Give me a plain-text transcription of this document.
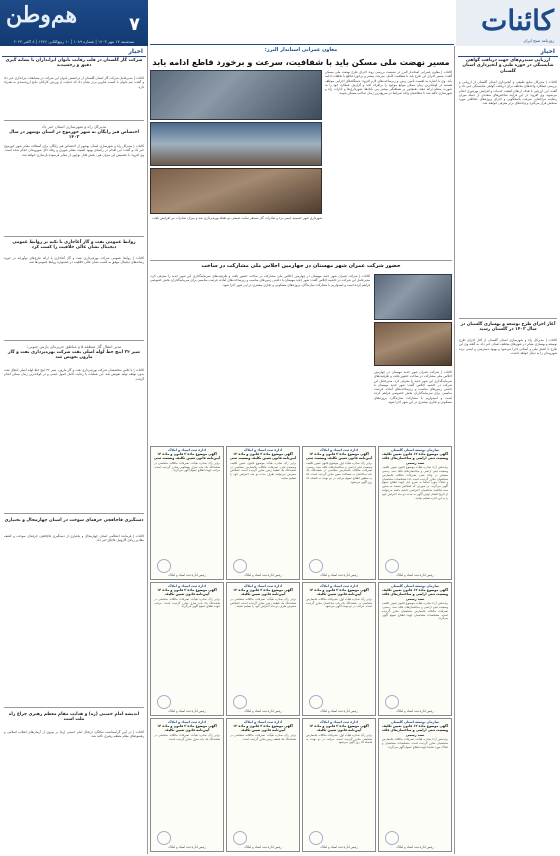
هم‌وطن	۷
سه‌شنبه ۱۷ مهر ۱۴۰۳ | شماره ۱۰۸۹ | ۱۰ ربیع‌الثانی ۱۴۴۶ | ۸ اکتبر ۲۰۲۴
کائنات
روزنامه صبح ایران
اخبار
ارزیابی سندرم‌های جهت دریافت گواهی شایستگی در حوزه طبی و آبخیزداری استان گلستان
کائنات | مدیرکل منابع طبیعی و آبخیزداری استان گلستان از ارزیابی و بررسی عملکرد واحدهای مختلف برای دریافت گواهی شایستگی خبر داد و گفت: این ارزیابی با هدف ارتقای کیفیت خدمات و افزایش بهره‌وری انجام می‌شود. وی افزود: در این فرآیند شاخص‌های متعددی از جمله میزان رضایت مراجعان، سرعت پاسخگویی و اجرای پروژه‌های حفاظتی مورد سنجش قرار می‌گیرد و واحدهای برتر معرفی خواهند شد.
آغاز اجرای طرح توسعه و بهسازی گلستان در سال ۱۴۰۳ در گلستان رسید
کائنات | مدیرکل راه و شهرسازی استان گلستان از آغاز اجرای طرح توسعه و بهسازی معابر در شهرهای مختلف استان خبر داد. به گفته وی این طرح با اعتبار ملی و استانی اجرا می‌شود و بهبود دسترسی و ایمنی تردد شهروندان را به دنبال خواهد داشت.
اخبار
شرکت گاز گلستان در قلب رقابت بانوان ایرانداران با نشانه گیری دقیق و رخشیدند
کائنات | مدیرعامل شرکت گاز استان گلستان از درخشش بانوان این شرکت در مسابقات تیراندازی خبر داد و گفت: تیم بانوان با کسب عناوین برتر نشان داد که حمایت از ورزش کارکنان نتایج ارزشمندی به همراه دارد.
مدیرکل راه و شهرسازی استان خبر داد
اختصاص قیر رایگان به شهر خورموج در استان بوشهر در سال ۱۴۰۳
کائنات | مدیرکل راه و شهرسازی استان بوشهر از اختصاص قیر رایگان برای آسفالت معابر شهر خورموج خبر داد و گفت: این اقدام در راستای بهبود کیفیت معابر شهری و رفاه حال شهروندان انجام شده است. وی افزود: با تخصیص این میزان قیر، بخش قابل توجهی از معابر فرسوده بازسازی خواهد شد.
روابط عمومی نقت و گاز آغاجاری با تکیه بر روابط عمومی دیجیتال نشان عالی خلاقیت را کسب کرد
کائنات | روابط عمومی شرکت بهره‌برداری نفت و گاز آغاجاری با ارائه طرح‌های نوآورانه در حوزه رسانه‌های دیجیتال موفق به کسب نشان عالی خلاقیت در جشنواره روابط عمومی‌ها شد.
مدیر انتقال گاز منطقه ۵ و مناطق جزیره‌ای پارس جنوبی:
شیر ۳۲ اینچ خط لوله اصلی نفت شرکت بهره‌برداری نفت و گاز مارون تعویض شد
کائنات | با تلاش متخصصان شرکت بهره‌برداری نفت و گاز مارون، شیر ۳۲ اینچ خط لوله اصلی انتقال نفت بدون توقف تولید تعویض شد. این عملیات با رعایت کامل اصول ایمنی و در کوتاه‌ترین زمان ممکن انجام گرفت.
دستگیری قاچاقچی حرفه‌ای سوخت در استان چهارمحال و بختیاری
کائنات | فرمانده انتظامی استان چهارمحال و بختیاری از دستگیری قاچاقچی حرفه‌ای سوخت و کشف مقادیر زیادی گازوئیل قاچاق خبر داد.
اندیشه امام خمینی (ره) و هدایت مقام معظم رهبری چراغ راه ملت است
کائنات | در آیین گرامیداشت سالگرد ارتحال امام خمینی (ره) بر پیروی از آرمان‌های انقلاب اسلامی و رهنمودهای مقام معظم رهبری تاکید شد.
معاون عمرانی استاندار البرز:
مسیر نهضت ملی مسکن باید با شفافیت، سرعت و برخورد قاطع ادامه یابد
کائنات | معاون عمرانی استاندار البرز در نشست بررسی روند اجرای طرح نهضت ملی مسکن گفت: مسیر اجرای این طرح باید با شفافیت کامل، سرعت بیشتر و برخورد قاطع با تخلفات ادامه یابد. وی با اشاره به اهمیت تأمین زمین و زیرساخت‌های لازم افزود: دستگاه‌های اجرایی موظف هستند در کوتاه‌ترین زمان ممکن موانع موجود را برطرف کنند و گزارش عملکرد خود را به صورت منظم ارائه دهند. همچنین بر هماهنگی بیشتر بین بانک‌ها، شهرداری‌ها و ادارات راه و شهرسازی تاکید شد تا متقاضیان واجد شرایط در سریع‌ترین زمان صاحب مسکن شوند.
شهرداری شهر حسینیه جیمی یزد و صادرات گاز مستقر سایت صنعتی دو نقطه بهره‌برداری شد و میزان صادرات نیز افزایش یافت.
حضور شرکت عمران شهر مهستان در جهارمین اجلاس ملی مشارکت در ساخت
کائنات | شرکت عمران شهر جدید مهستان در چهارمین اجلاس ملی مشارکت در ساخت حضور یافت و ظرفیت‌های سرمایه‌گذاری این شهر جدید را معرفی کرد. مدیرعامل این شرکت در حاشیه اجلاس گفت: شهر جدید مهستان با داشتن زمین‌های مناسب و زیرساخت‌های آماده، فرصت مناسبی برای سرمایه‌گذاران بخش خصوصی فراهم کرده است و امیدواریم با مشارکت سازندگان، پروژه‌های مسکونی و تجاری بیشتری در این شهر اجرا شود.
کائنات | شرکت عمران شهر جدید مهستان در چهارمین اجلاس ملی مشارکت در ساخت حضور یافت و ظرفیت‌های سرمایه‌گذاری این شهر جدید را معرفی کرد. مدیرعامل این شرکت در حاشیه اجلاس گفت: شهر جدید مهستان با داشتن زمین‌های مناسب و زیرساخت‌های آماده، فرصت مناسبی برای سرمایه‌گذاران بخش خصوصی فراهم کرده است و امیدواریم با مشارکت سازندگان، پروژه‌های مسکونی و تجاری بیشتری در این شهر اجرا شود.
سازمان توسعه استان گلستان
آگهی موضوع ماده ۱۳ قانون تعیین تکلیف وضعیت ثبتی اراضی و ساختمان‌های فاقد سند رسمی
براساس آراء صادره هیأت موضوع قانون تعیین تکلیف وضعیت ثبتی اراضی و ساختمان‌های فاقد سند رسمی مستقر در واحد ثبتی، تصرفات مالکانه بلامعارض متقاضیان محرز گردیده است. لذا مشخصات متقاضیان و املاک مورد تقاضا به شرح ذیل جهت اطلاع عموم آگهی می‌گردد. در صورتی که اشخاص نسبت به صدور سند مالکیت متقاضیان اعتراضی داشته باشند می‌توانند از تاریخ انتشار اولین آگهی به مدت دو ماه اعتراض خود را به این اداره تسلیم نمایند.
رئیس اداره ثبت اسناد و املاک
اداره ثبت اسناد و املاک
آگهی موضوع ماده ۳ قانون و ماده ۱۳ آیین‌نامه قانون تعیین تکلیف وضعیت ثبتی
برابر رأی صادره هیأت اول موضوع قانون تعیین تکلیف وضعیت ثبتی اراضی و ساختمان‌های فاقد سند رسمی، تصرفات مالکانه بلامعارض متقاضی در ششدانگ یک باب ساختمان به مساحت معین محرز گردیده است. لذا به منظور اطلاع عموم مراتب در دو نوبت به فاصله ۱۵ روز آگهی می‌شود.
رئیس اداره ثبت اسناد و املاک
اداره ثبت اسناد و املاک
آگهی موضوع ماده ۳ قانون و ماده ۱۳ آیین‌نامه قانون تعیین تکلیف وضعیت ثبتی
برابر رأی صادره هیأت موضوع قانون تعیین تکلیف وضعیت ثبتی، تصرفات مالکانه بلامعارض متقاضی در ششدانگ یک قطعه زمین محرز گردیده است. اشخاص معترض می‌توانند ظرف مدت دو ماه اعتراض خود را تسلیم نمایند.
رئیس اداره ثبت اسناد و املاک
اداره ثبت اسناد و املاک
آگهی موضوع ماده ۳ قانون و ماده ۱۳ آیین‌نامه قانون تعیین تکلیف وضعیت ثبتی
برابر رأی صادره هیأت، تصرفات مالکانه متقاضی در ششدانگ یک باب منزل مسکونی محرز گردیده است. مراتب جهت اطلاع عموم آگهی می‌گردد.
رئیس اداره ثبت اسناد و املاک
سازمان توسعه استان گلستان
آگهی موضوع ماده ۱۳ قانون تعیین تکلیف وضعیت ثبتی اراضی و ساختمان‌های فاقد سند رسمی
براساس آراء صادره هیأت موضوع قانون تعیین تکلیف وضعیت ثبتی اراضی و ساختمان‌های فاقد سند رسمی، تصرفات مالکانه بلامعارض متقاضیان محرز گردیده است. مشخصات متقاضیان جهت اطلاع عموم آگهی می‌گردد.
رئیس اداره ثبت اسناد و املاک
اداره ثبت اسناد و املاک
آگهی موضوع ماده ۳ قانون و ماده ۱۳ آیین‌نامه قانون تعیین تکلیف
برابر رأی صادره هیأت اول، تصرفات مالکانه بلامعارض متقاضی در ششدانگ یک باب ساختمان محرز گردیده است. مراتب در دو نوبت آگهی می‌شود.
رئیس اداره ثبت اسناد و املاک
اداره ثبت اسناد و املاک
آگهی موضوع ماده ۳ قانون و ماده ۱۳ آیین‌نامه قانون تعیین تکلیف
برابر رأی صادره هیأت، تصرفات مالکانه متقاضی در ششدانگ یک قطعه زمین محرز گردیده است. اشخاص معترض ظرف دو ماه اعتراض خود را تسلیم نمایند.
رئیس اداره ثبت اسناد و املاک
اداره ثبت اسناد و املاک
آگهی موضوع ماده ۳ قانون و ماده ۱۳ آیین‌نامه قانون تعیین تکلیف
برابر رأی صادره هیأت، تصرفات مالکانه متقاضی در ششدانگ یک باب منزل محرز گردیده است. مراتب جهت اطلاع عموم آگهی می‌گردد.
رئیس اداره ثبت اسناد و املاک
سازمان توسعه استان گلستان
آگهی موضوع ماده ۱۳ قانون تعیین تکلیف وضعیت ثبتی اراضی و ساختمان‌های فاقد سند رسمی
براساس آراء صادره هیأت، تصرفات مالکانه بلامعارض متقاضیان محرز گردیده است. مشخصات متقاضیان و املاک مورد تقاضا جهت اطلاع عموم آگهی می‌گردد.
رئیس اداره ثبت اسناد و املاک
اداره ثبت اسناد و املاک
آگهی موضوع ماده ۳ قانون و ماده ۱۳ آیین‌نامه قانون تعیین تکلیف
برابر رأی صادره هیأت اول، تصرفات مالکانه بلامعارض متقاضی محرز گردیده است. مراتب در دو نوبت به فاصله ۱۵ روز آگهی می‌شود.
رئیس اداره ثبت اسناد و املاک
اداره ثبت اسناد و املاک
آگهی موضوع ماده ۳ قانون و ماده ۱۳ آیین‌نامه قانون تعیین تکلیف
برابر رأی صادره هیأت، تصرفات مالکانه متقاضی در ششدانگ یک قطعه زمین محرز گردیده است.
رئیس اداره ثبت اسناد و املاک
اداره ثبت اسناد و املاک
آگهی موضوع ماده ۳ قانون و ماده ۱۳ آیین‌نامه قانون تعیین تکلیف
برابر رأی صادره هیأت، تصرفات مالکانه متقاضی در ششدانگ یک باب منزل محرز گردیده است.
رئیس اداره ثبت اسناد و املاک
